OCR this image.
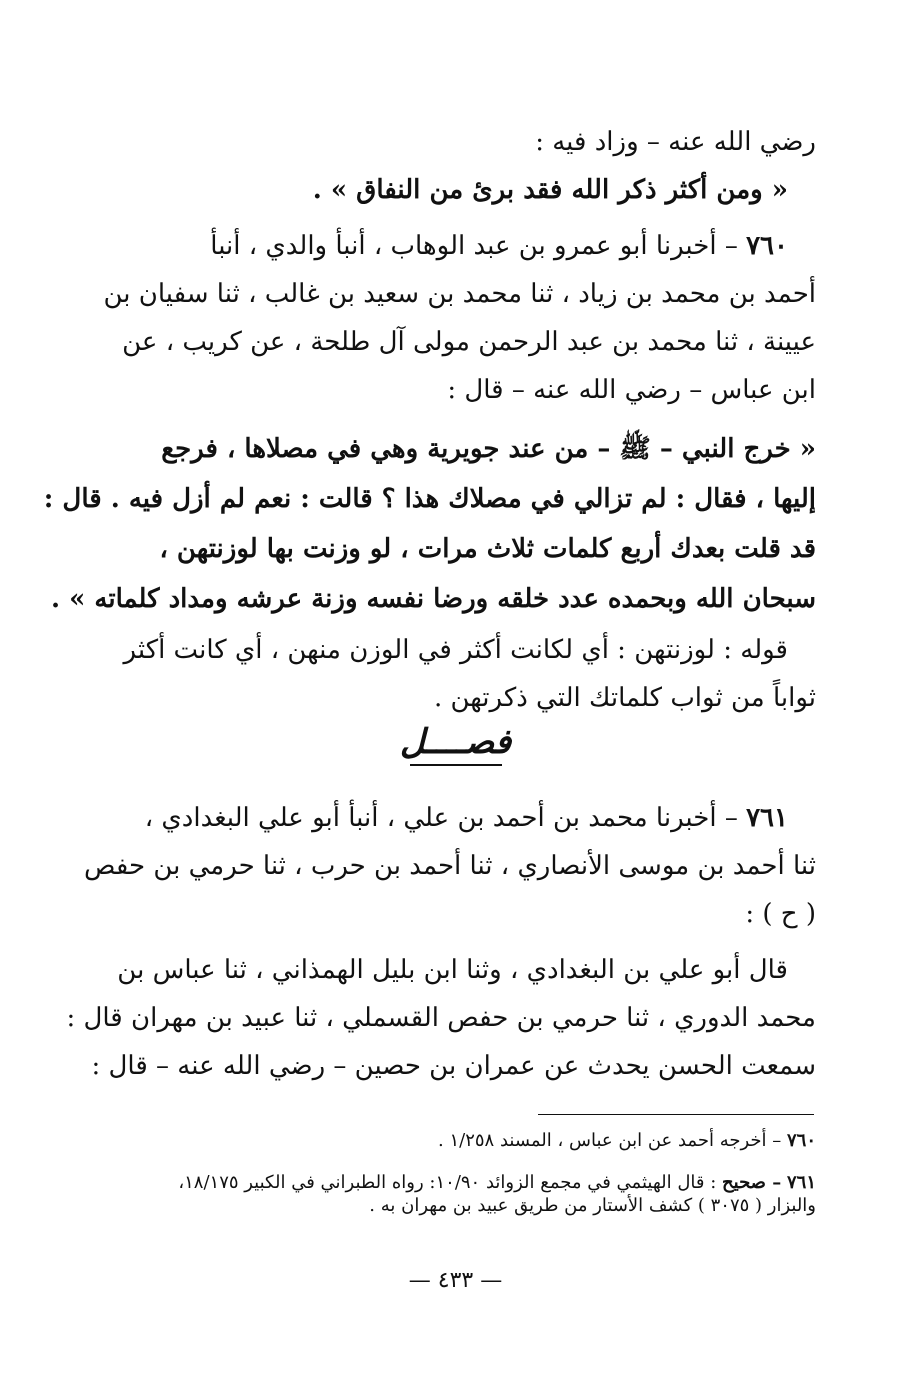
رضي الله عنه – وزاد فيه :
« ومن أكثر ذكر الله فقد برئ من النفاق » .
٧٦٠ – أخبرنا أبو عمرو بن عبد الوهاب ، أنبأ والدي ، أنبأ
أحمد بن محمد بن زياد ، ثنا محمد بن سعيد بن غالب ، ثنا سفيان بن
عيينة ، ثنا محمد بن عبد الرحمن مولى آل طلحة ، عن كريب ، عن
ابن عباس – رضي الله عنه – قال :
« خرج النبي – ﷺ – من عند جويرية وهي في مصلاها ، فرجع
إليها ، فقال : لم تزالي في مصلاك هذا ؟ قالت : نعم لم أزل فيه . قال :
قد قلت بعدك أربع كلمات ثلاث مرات ، لو وزنت بها لوزنتهن ،
سبحان الله وبحمده عدد خلقه ورضا نفسه وزنة عرشه ومداد كلماته » .
قوله : لوزنتهن : أي لكانت أكثر في الوزن منهن ، أي كانت أكثر
ثواباً من ثواب كلماتك التي ذكرتهن .
فصــــل
٧٦١ – أخبرنا محمد بن أحمد بن علي ، أنبأ أبو علي البغدادي ،
ثنا أحمد بن موسى الأنصاري ، ثنا أحمد بن حرب ، ثنا حرمي بن حفص
( ح ) :
قال أبو علي بن البغدادي ، وثنا ابن بليل الهمذاني ، ثنا عباس بن
محمد الدوري ، ثنا حرمي بن حفص القسملي ، ثنا عبيد بن مهران قال :
سمعت الحسن يحدث عن عمران بن حصين – رضي الله عنه – قال :
٧٦٠ – أخرجه أحمد عن ابن عباس ، المسند ١/٢٥٨ .
٧٦١ – صحيح : قال الهيثمي في مجمع الزوائد ١٠/٩٠: رواه الطبراني في الكبير ١٨/١٧٥،
والبزار ( ٣٠٧٥ ) كشف الأستار من طريق عبيد بن مهران به .
— ٤٣٣ —
